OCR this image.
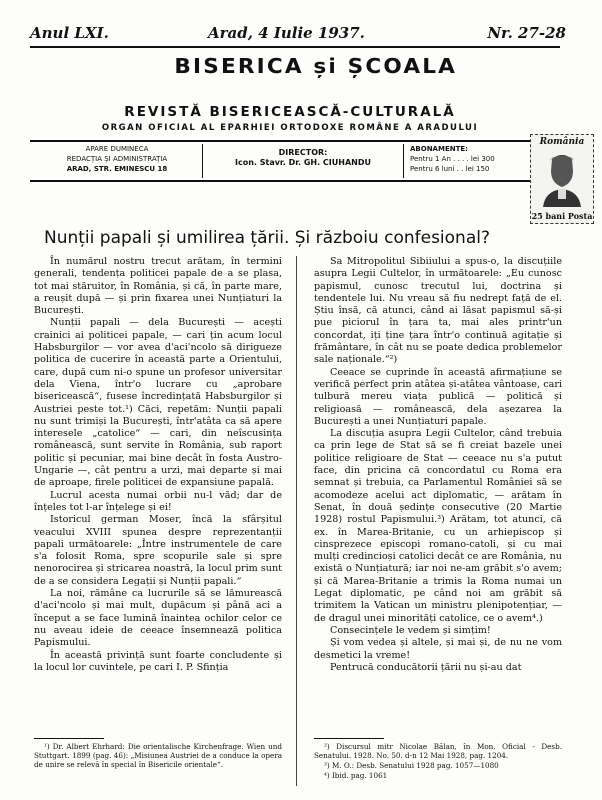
Anul LXI.	Arad, 4 Iulie 1937.	Nr. 27-28
BISERICA și ȘCOALA
REVISTĂ BISERICEASCĂ-CULTURALĂ
ORGAN OFICIAL AL EPARHIEI ORTODOXE ROMÂNE A ARADULUI
APARE DUMINECA
REDACȚIA ȘI ADMINISTRAȚIA
ARAD, STR. EMINESCU 18
DIRECTOR:
Icon. Stavr. Dr. GH. CIUHANDU
ABONAMENTE:
Pentru 1 An . . . . lei 300
Pentru 6 luni . . lei 150
România
25 bani Posta
Nunții papali și umilirea țării. Și războiu confesional?

În numărul nostru trecut arătam, în termini generali, tendența politicei papale de a se plasa, tot mai stăruitor, în România, și că, în parte mare, a reușit după — și prin fixarea unei Nunțiaturi la București.

Nunții papali — dela București — acești crainici ai politicei papale, — cari țin acum locul Habsburgilor — vor avea d'aci'ncolo să dirigueze politica de cucerire în această parte a Orientului, care, după cum ni-o spune un profesor universitar dela Viena, într'o lucrare cu „aprobare bisericească“, fusese încredințată Habsburgilor și Austriei peste tot.¹) Căci, repetăm: Nunții papali nu sunt trimiși la București, într'atâta ca să apere interesele „catolice“ — cari, din neîscusința românească, sunt servite în România, sub raport politic și pecuniar, mai bine decât în fosta Austro-Ungarie —, cât pentru a urzi, mai departe și mai de aproape, firele politicei de expansiune papală.

Lucrul acesta numai orbii nu-l văd; dar de înțeles tot l-ar înțelege și ei!

Istoricul german Moser, încă la sfârșitul veacului XVIII spunea despre reprezentanții papali următoarele: „Între instrumentele de care s'a folosit Roma, spre scopurile sale și spre nenorocirea și stricarea noastră, la locul prim sunt de a se considera Legații și Nunții papali.“

La noi, rămâne ca lucrurile să se lămurească d'aci'ncolo și mai mult, dupăcum și până aci a început a se face lumină înaintea ochilor celor ce nu aveau ideie de ceeace însemnează politica Papismului.

În această privință sunt foarte concludente și la locul lor cuvintele, pe cari I. P. Sfinția

Sa Mitropolitul Sibiiului a spus-o, la discuțiile asupra Legii Cultelor, în următoarele: „Eu cunosc papismul, cunosc trecutul lui, doctrina și tendentele lui. Nu vreau să fiu nedrept față de el. Știu însă, că atunci, când ai lăsat papismul să-și pue piciorul în țara ta, mai ales printr'un concordat, iți ține țara într'o continuă agitație și frământare, în cât nu se poate dedica problemelor sale naționale.“²)

Ceeace se cuprinde în această afirmațiune se verifică perfect prin atâtea și-atâtea vântoase, cari tulbură mereu viața publică — politică și religioasă — românească, dela așezarea la București a unei Nunțiaturi papale.

La discuția asupra Legii Cultelor, când trebuia ca prin lege de Stat să se fi creiat bazele unei politice religioare de Stat — ceeace nu s'a putut face, din pricina că concordatul cu Roma era semnat și trebuia, ca Parlamentul României să se acomodeze acelui act diplomatic, — arătam în Senat, în două ședințe consecutive (20 Martie 1928) rostul Papismului.³) Arătam, tot atunci, că ex. în Marea-Britanie, cu un arhiepiscop și cinsprezece episcopi romano-catoli, și cu mai mulți credincioși catolici decât ce are România, nu există o Nunțiatură; iar noi ne-am grăbit s'o avem; și că Marea-Britanie a trimis la Roma numai un Legat diplomatic, pe când noi am grăbit să trimitem la Vatican un ministru plenipotențiar, — de dragul unei minorități catolice, ce o avem⁴.)

Consecințele le vedem și simțim!

Și vom vedea și altele, și mai și, de nu ne vom desmetici la vreme!

Pentrucă conducătorii țării nu și-au dat

¹) Dr. Albert Ehrhard: Die orientalische Kirchenfrage. Wien und Stuttgart. 1899 (pag. 46): „Misiunea Austriei de a conduce la opera de unire se relevă în special în Bisericile orientale“.

²) Discursul mitr Nicolae Bălan, în Mon. Oficial - Desb. Senatului. 1928. No. 50. d-n 12 Mai 1928, pag. 1204.

³) M. O.: Desb. Senatului 1928 pag. 1057—1080

⁴) Ibid. pag. 1061
